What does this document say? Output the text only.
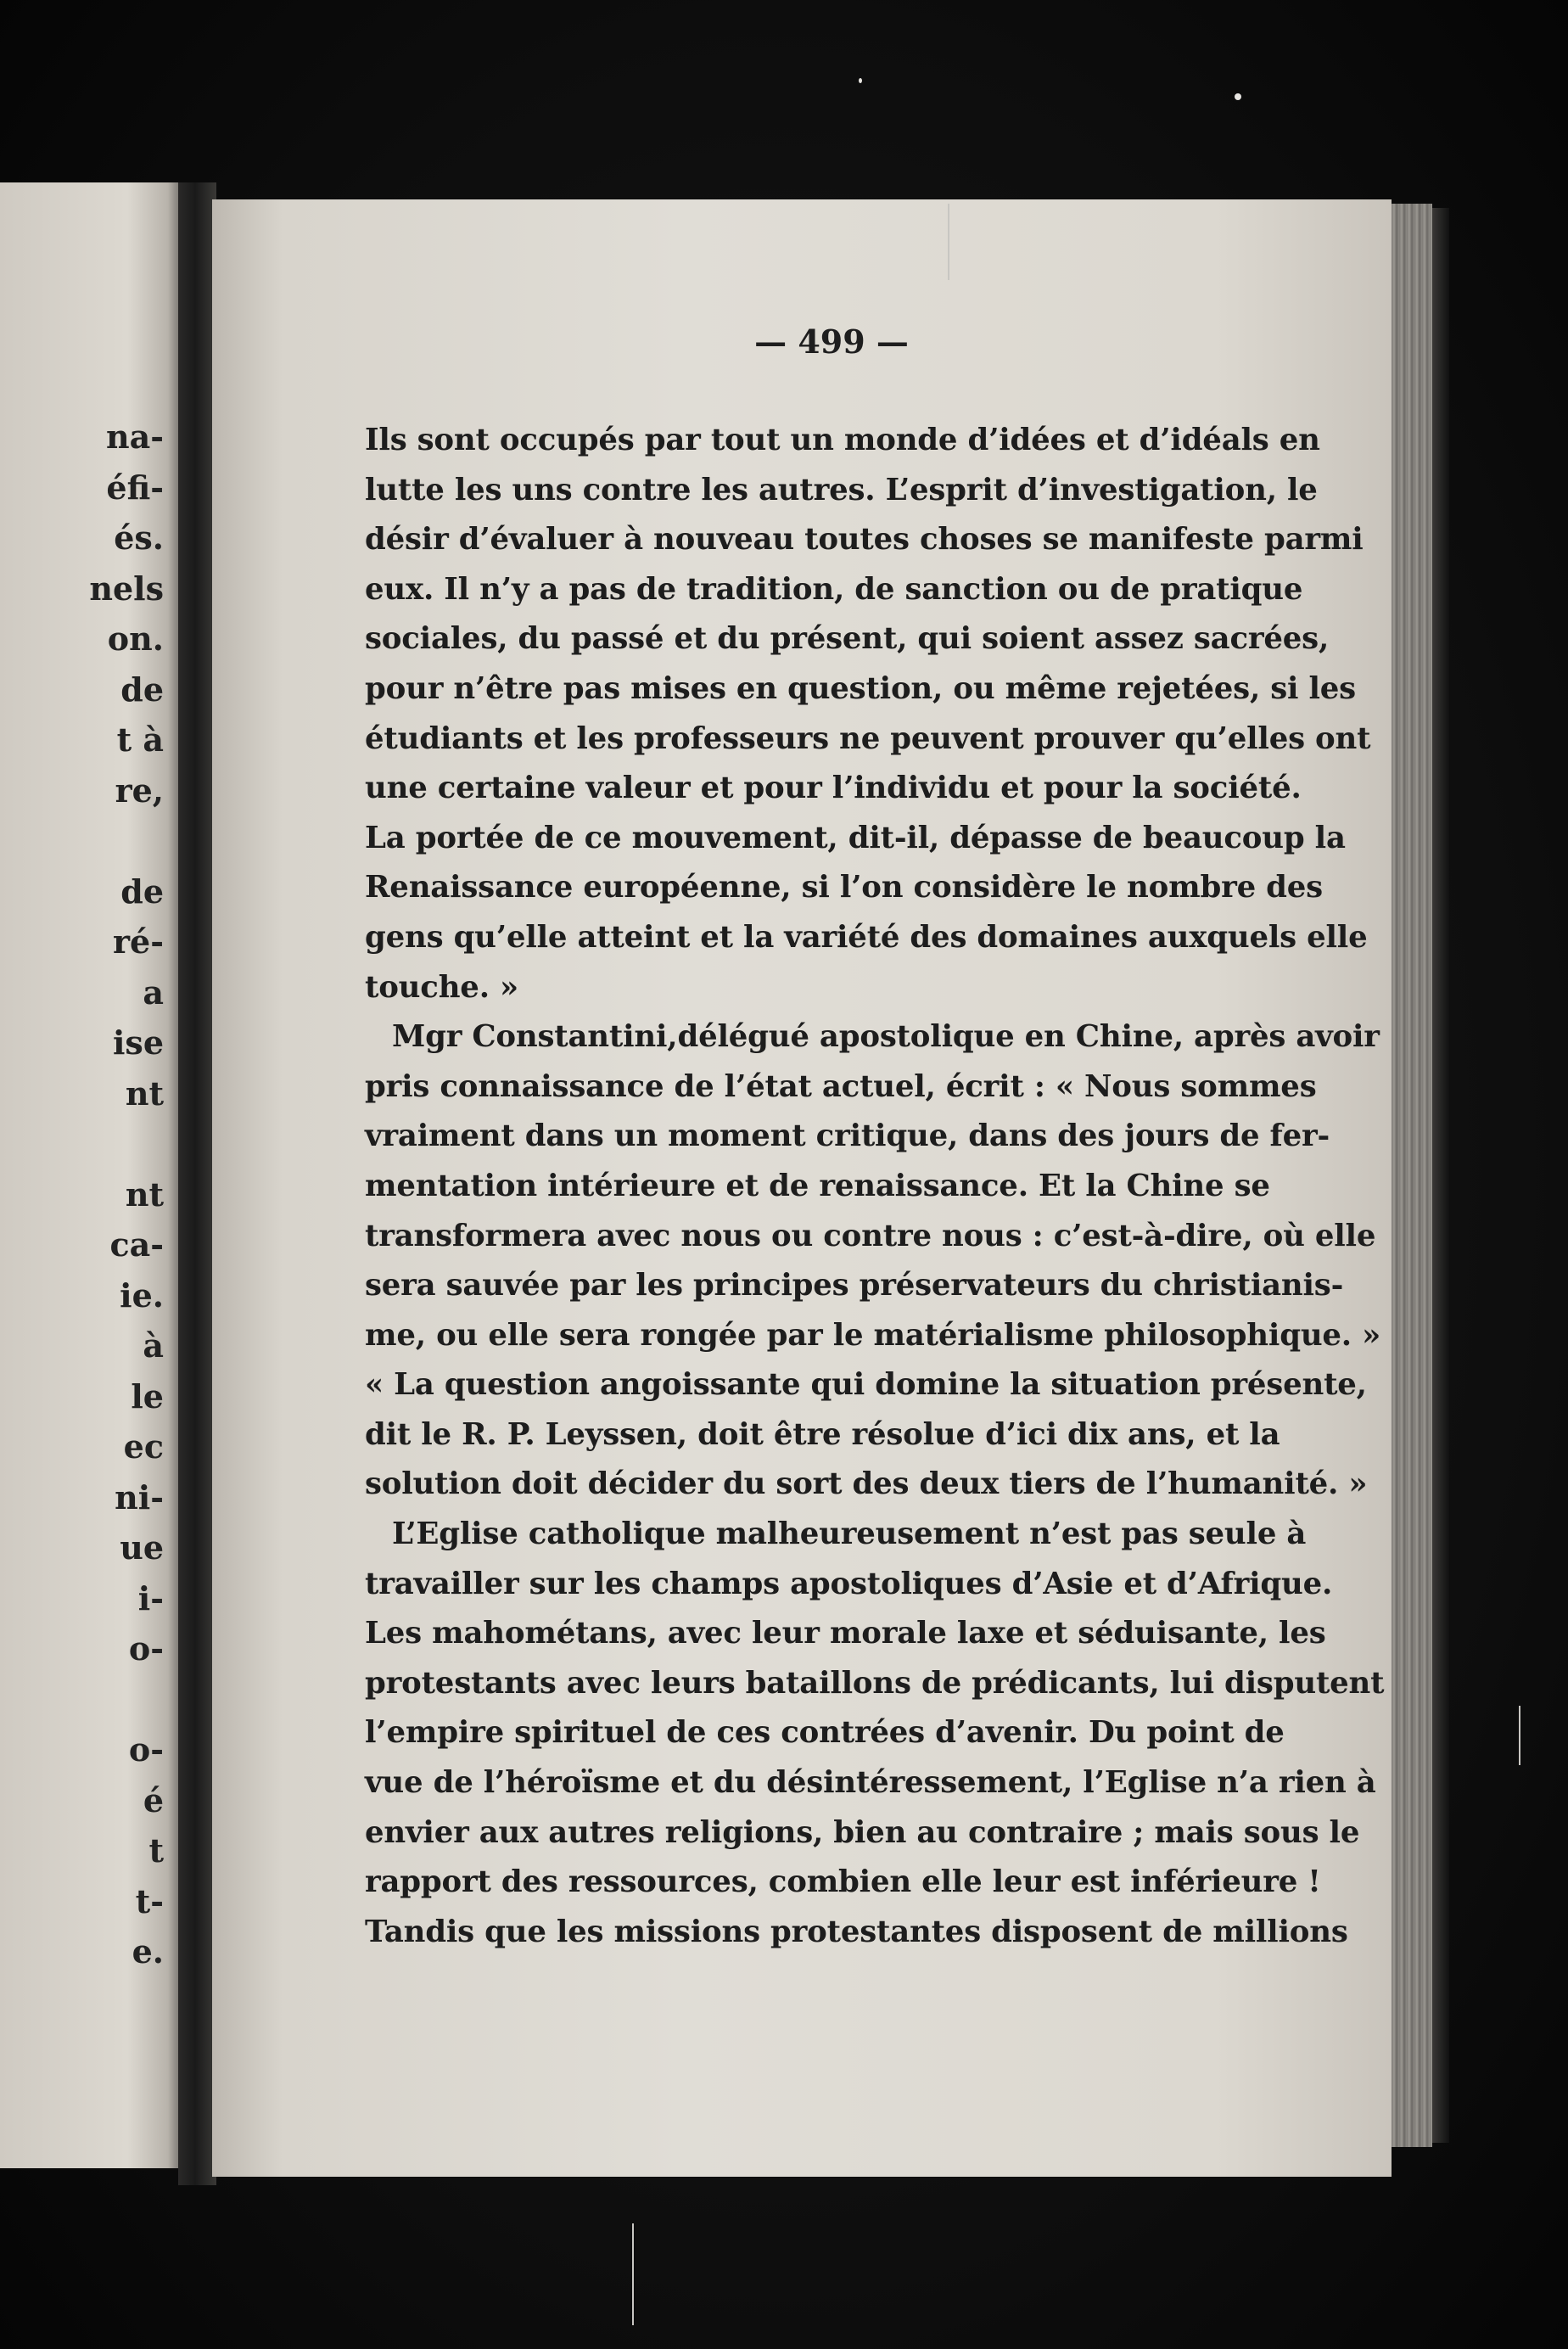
na-
éfi-
és.
nels
on.
de
t à
re,
de
ré-
a
ise
nt
nt
ca-
ie.
à
le
ec
ni-
ue
i-
o-
o-
é
t
t-
e.
— 499 —
Ils sont occupés par tout un monde d’idées et d’idéals en
lutte les uns contre les autres. L’esprit d’investigation, le
désir d’évaluer à nouveau toutes choses se manifeste parmi
eux. Il n’y a pas de tradition, de sanction ou de pratique
sociales, du passé et du présent, qui soient assez sacrées,
pour n’être pas mises en question, ou même rejetées, si les
étudiants et les professeurs ne peuvent prouver qu’elles ont
une certaine valeur et pour l’individu et pour la société.
La portée de ce mouvement, dit-il, dépasse de beaucoup la
Renaissance européenne, si l’on considère le nombre des
gens qu’elle atteint et la variété des domaines auxquels elle
touche. »
Mgr Constantini,délégué apostolique en Chine, après avoir
pris connaissance de l’état actuel, écrit : « Nous sommes
vraiment dans un moment critique, dans des jours de fer-
mentation intérieure et de renaissance. Et la Chine se
transformera avec nous ou contre nous : c’est-à-dire, où elle
sera sauvée par les principes préservateurs du christianis-
me, ou elle sera rongée par le matérialisme philosophique. »
« La question angoissante qui domine la situation présente,
dit le R. P. Leyssen, doit être résolue d’ici dix ans, et la
solution doit décider du sort des deux tiers de l’humanité. »
L’Eglise catholique malheureusement n’est pas seule à
travailler sur les champs apostoliques d’Asie et d’Afrique.
Les mahométans, avec leur morale laxe et séduisante, les
protestants avec leurs bataillons de prédicants, lui disputent
l’empire spirituel de ces contrées d’avenir. Du point de
vue de l’héroïsme et du désintéressement, l’Eglise n’a rien à
envier aux autres religions, bien au contraire ; mais sous le
rapport des ressources, combien elle leur est inférieure !
Tandis que les missions protestantes disposent de millions
